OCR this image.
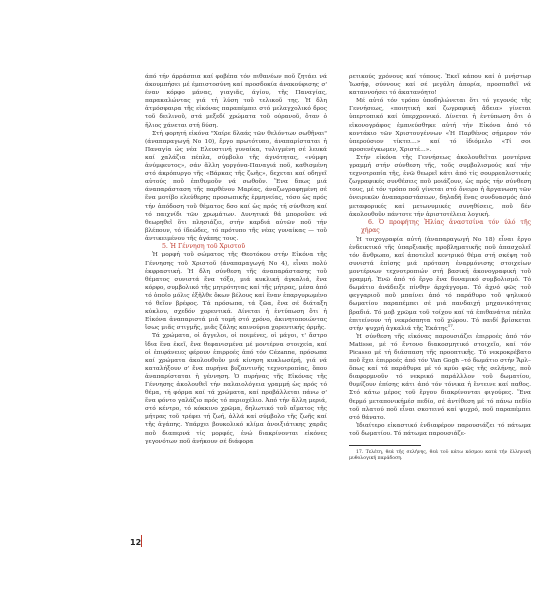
άπό τήν άρράσπια καί φοβέπα τόν πιθανέων ποῦ ζητάει νά άκουμπήσει μέ έμπιστοσύνη καί προσδοκία άνακούφισης σ' έναν κόρφο μάνας, γιαγιᾶς, άγίου, τῆς Παναγίας, παρακαλώντας γιά τή λύση τοῦ τελικοῦ της. Ἡ δλη ἀτμόσφαιρα τῆς εἰκόνας παραπέμπει στό μελαγχολικό δρος τοῦ δειλινοῦ, στά μεξεδί χρώματα τοῦ ούρανοῦ, ὅταν ὁ ἥλιος χάνεται στή δύση.

Στή φορητή εἰκόνα "Χαίρε δλαάς τῶν θελόντων σωθῆναι" (άναπαραγωγή Νο 10), ἔργο πρωτότυπο, άναπαρίσταται ἡ Παναγία ὡς νέα Ελευστινή γυναίκα, τυλιγμένη σέ λευκά καί χαλάζια πέπλα, σύμβολο τῆς άγνότητας, «νύμφη ἀνύμφευτος», σάν ἄλλη γοργόνα-Παναγιά ποῦ, καθισμένη στό άκρόπυργο τῆς «Βάρκας τῆς ζωῆς», δεχεται καί οδηγεῖ αὐτούς ποῦ ἐπιθυμοῦν νά σωθοῦν. Ἕνα δπως μιά άναπαράσταση τῆς παρθένου Μαρίας, άναζωγραφημένη σέ ἕνα μοτίβο ελεύθερης προσωπικῆς ἑρμηνείας, τόσο ὡς πρός τήν ἀπόδοση τοῦ θέματος δσο καί ὡς πρός τή σύνθεση καί τό παιχνίδι τῶν χρωμάτων. Δυνητικά θά μποροῦσε νά θεωρηθεῖ ὅτι πλησιάζει, στήν καρδιά αὐτῶν ποῦ τήν βλέπουν, τό ίδεώδες, τό πρότυπο τῆς νέας γυναίκας — τοῦ ἀντικειμένου τῆς ἀγάπης τους.

5. Ἡ Γέννηση τοῦ Χριστοῦ

Ἡ μορφή τοῦ σώματος τῆς Θεοτόκου στήν Εἰκόνα τῆς Γέννησης τοῦ Χριστοῦ (άναπαραγωγή Νο 4), εἶναι πολύ ἐκφραστική. Ἡ δλη σύνθεση τῆς άναπαράστασης τοῦ θέματος συνιστά ἕνα τόξο, μιά κυκλική άγκαλιά, ἕνα κόρφο, συμβολικό τῆς μητρότητας καί τῆς μήτρας, μέσα ἀπό τό ὁποῖο μόλις ἐξῆλθε ὅκων βέλους καί ἕναν ἐπαργυρωμένο τό θεῖον βρέφος. Τά πρόσωπα, τά ζῶα, ἕνα σέ διάταξη κύκλου, σχεδόν χορευτικά. Δίνεται ἡ ἐντύπωση ὅτι ἡ Εἰκόνα ἀναπαριστά μιά τομή στό χρόνο, ἀκινητοποιώντας ἴσως μιᾶς στιγμῆς, μιᾶς ζάλης καινούρια χορευτικής όρμῆς.

Τά χρώματα, οἱ ἄγγελοι, οἱ ποιμένες, οἱ μάγοι, τ' ἄστρο ἴδια ἕνα ἐκεῖ, ἕνα θεφανισμένα μέ μοντέρνα στοιχεία, καί οἱ ἐπιφάνειες φέρουν ἐπιρροές ἀπό τόν Cézanne, πρόσωπα καί χρώματα ἀκολουθοῦν μιά κίνηση κυκλωσέρή, γιά νά καταλήξουν σ' ἕνα πυρήνα βυζαντινῆς τεχνοτροπίας, ὅπου ἀναπαρίσταται ἡ γέννηση. Ὁ πυρήνας τῆς Εἰκόνας τῆς Γέννησης ἀκολουθεῖ τήν παλαιολόγεια γραμμή ὡς πρός τό θέμα, τή φόρμα καί τά χρώματα, καί προβάλλεται πάνω σ' ἕνα φόντο γαλάζιο πρός τό περιοχέλιο. Ἀπό τήν ἄλλη μεριά, στό κέντρο, τό κόκκινο χρῶμα, δηλωτικό τοῦ αἵματος τῆς μήτρας τοῦ τρέφει τή ζωή, ἀλλά καί σύμβολο τῆς ζωῆς καί τῆς ἀγάπης. Υπάρχει βουκολικό κλίμα ἀνοιξιάτικης χαρᾶς ποῦ διαπερνά τίς μορφές, ἐνώ διακρίνονται εἰκόνες γεγονότων ποῦ ἀνήκουν σέ διάφορα

ρετικούς χρόνους καί τόπους. Ἐκεῖ κάπου καί ὁ μνήστωρ Ἰωσήφ, σύννους καί σέ μεγάλη ἀπορία, προσπαθεῖ νά καταννοήσει τό ἀκατανόητο!

Μέ αὐτό τόν τρόπο ὑποδηλώνεται ὅτι τό γεγονός τῆς Γεννήσεως, «ποιητική καί ζωγραφική ἄδεια» γίνεται ὑπερτοπικό καί ὑπερχρονικό. Δίνεται ἡ ἐντύπωση ὅτι ὁ εἰκονογράφος ἐμπνεύσθηκε αὐτή τήν Εἰκόνα ἀπό τό κοντάκιο τῶν Χριστουγέννων «Ἡ Παρθένος σήμερον τόν ὑπερούσιον τίκτει...» καί τό ἰδιόμελο «Τί σοι προσενέγκωμεν, Χριστέ...».

Στήν εἰκόνα τῆς Γεννήσεως ἀκολουθεῖται μοντέρνα γραμμή στήν σύνθεση τῆς, τοῦς συμβολισμούς καί τήν τεχνοτροπία τῆς, ἐνῶ θεωρεῖ κάτι ἀπό τίς σουρρεαλιστικές ζωγραφικές συνθέσεις ποῦ μοιάζουν, ὡς πρός τήν σύνθεση τους, μέ τόν τρόπο ποῦ γίνεται στό ὄνειρο ἡ ἄργανωση τῶν ὀνειρικῶν ἀναπαραστάσεων, δηλαδή ἕνας συνδυασμός ἀπό μεταφορικές καί μετωνυμικές συνηθίσεις, ποῦ δέν ἀκολουθοῦν πάντοτε τήν ἀριστοτέλεια λογική.

6. Ὁ προφήτης Ἠλίας ἀναστσίνα τόν ύλό τῆς χήρας

Ἡ τοιχογραφία αὐτή (ἀναπαραγωγή Νο 18) εἶναι ἔργο ἐνδεικτικό τῆς ὑπαρξιακῆς προβληματικῆς ποῦ ἀπασχολεῖ τόν ἄνθρωπο, καί ἀποτελεῖ κεντρικό θέμα στή σκέψη τοῦ συνιστά ἐπίσης μιά πρόταση ἐναρμόνισης στοιχείων μοντέρνων τεχνοτροπιών στή βασική ἀκονογραφική τοῦ γραμμή. Ἐνῶ ἀπό τό ἔργο ἕνα δυναμικό συμβολισμό. Τό δωμάτιο ἀνάδειξε πίνθην ἀρχάγγομα. Τό ἀχνό φῶς τοῦ φεγγαριοῦ ποῦ μπαίνει ἀπό τό παράθυρο τοῦ ψηλικού δωματίου παραπέμπει σέ μιά πανδαιχή μηχανικότητας βραδιά. Τό μοβ χρῶμα τοῦ τοίχου καί τά ἐπιθανάτια πέπλα ἐπιτείνουν τή νεκρόσπητα τοῦ χώρου. Τό παιδί βρίσκεται στήν ψυχρή ἀγκαλιά τῆς Ἐκάτης$^{17}$.

Ἡ σύνθεση τῆς εἰκόνας παρουσιάζει ἐπιρροές ἀπό τόν Matisse, μέ τό ἔντονο διακοσμητικό στοιχεῖο, καί τόν Picasso μέ τή διάσπαση τῆς προοπτικῆς. Τό νεκροκρέβατο ποῦ ἔχει ἐπιρροές ἀπό τόν Van Gogh –τό δωμάτιο στήν Ἄρλ– ὅπως καί τά παράθυρα μέ τό κρύο φῶς τῆς σελήνης, ποῦ διαφορμνοῦν τό νεκρικό παράλλλον τοῦ δωματίου, θυμίζουν ἐπίσης κάτι ἀπό τόν τόνικα ἡ ἔντεινε καί παθος. Στό κάτω μέρος τοῦ ἔργου διακρίνονται φιγούρες. Ἕνα θερμό μεταπονικήμέσ πεδίο, σέ ἀντίθεση μέ τό πάνω πεδίο τοῦ πλατού ποῦ εἶναι σκοτεινό καί ψυχρό, ποῦ παραπέμπει στό θάνατο.

Ἰδιαίτερο εἰκαστικό ἐνδιαφέρον παρουσιάζει τό πάτωμα τοῦ δωματίου. Τό πάτωμα παρουσιάζε-

17. Τελέτη, θεά τῆς σελήνης, θεά τοῦ κάτω κόσμου κατά τήν ἑλληνική μυθολογική παράδοση.

12
